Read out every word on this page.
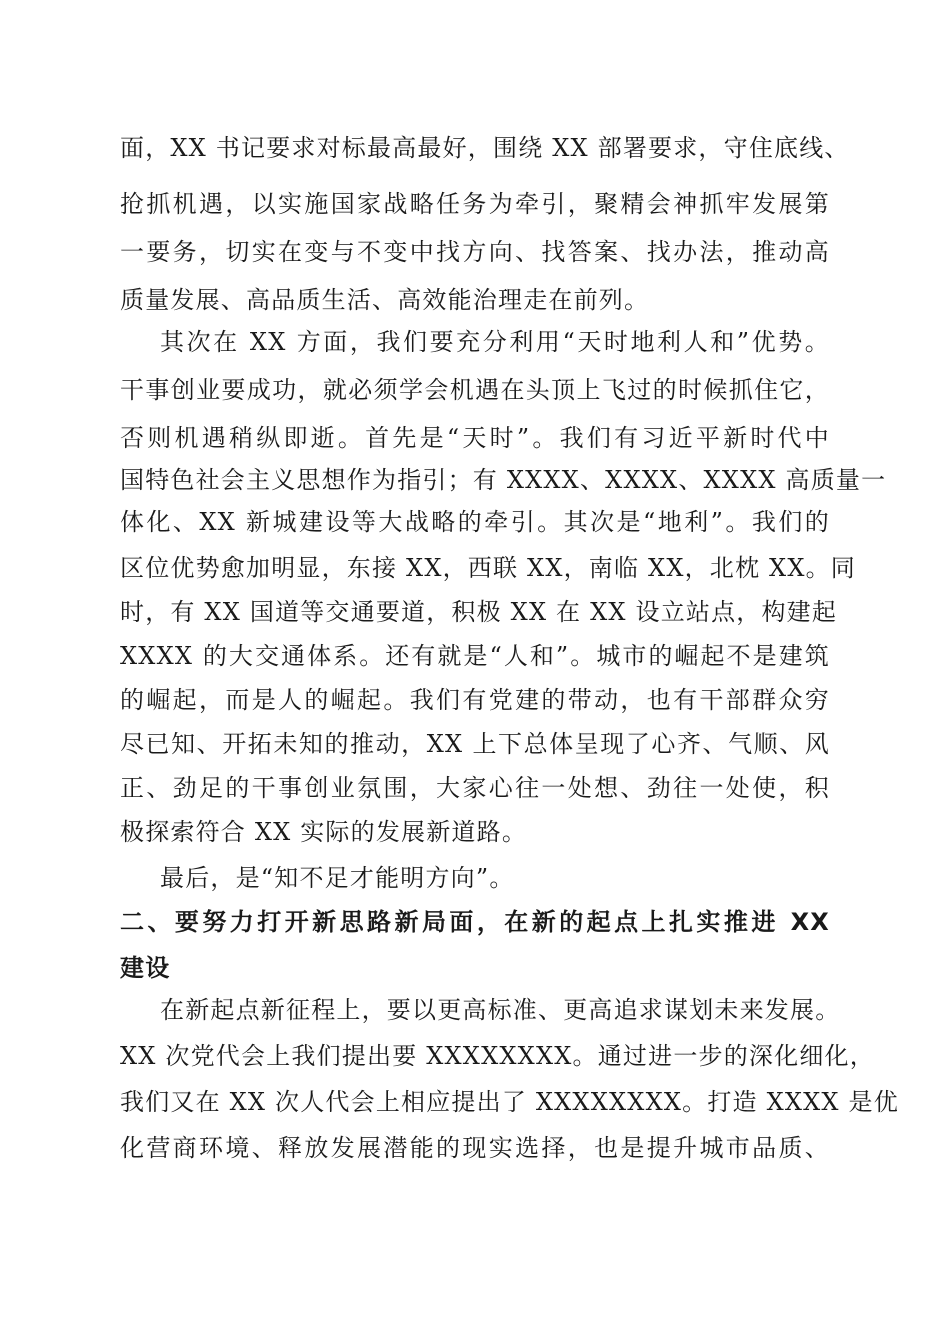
面，XX 书记要求对标最高最好，围绕 XX 部署要求，守住底线、
抢抓机遇，以实施国家战略任务为牵引，聚精会神抓牢发展第
一要务，切实在变与不变中找方向、找答案、找办法，推动高
质量发展、高品质生活、高效能治理走在前列。
其次在 XX 方面，我们要充分利用“天时地利人和”优势。
干事创业要成功，就必须学会机遇在头顶上飞过的时候抓住它，
否则机遇稍纵即逝。首先是“天时”。我们有习近平新时代中
国特色社会主义思想作为指引；有 XXXX、XXXX、XXXX 高质量一
体化、XX 新城建设等大战略的牵引。其次是“地利”。我们的
区位优势愈加明显，东接 XX，西联 XX，南临 XX，北枕 XX。同
时，有 XX 国道等交通要道，积极 XX 在 XX 设立站点，构建起
XXXX 的大交通体系。还有就是“人和”。城市的崛起不是建筑
的崛起，而是人的崛起。我们有党建的带动，也有干部群众穷
尽已知、开拓未知的推动，XX 上下总体呈现了心齐、气顺、风
正、劲足的干事创业氛围，大家心往一处想、劲往一处使，积
极探索符合 XX 实际的发展新道路。
最后，是“知不足才能明方向”。
二、要努力打开新思路新局面，在新的起点上扎实推进 XX
建设
在新起点新征程上，要以更高标准、更高追求谋划未来发展。
XX 次党代会上我们提出要 XXXXXXXX。通过进一步的深化细化，
我们又在 XX 次人代会上相应提出了 XXXXXXXX。打造 XXXX 是优
化营商环境、释放发展潜能的现实选择，也是提升城市品质、
